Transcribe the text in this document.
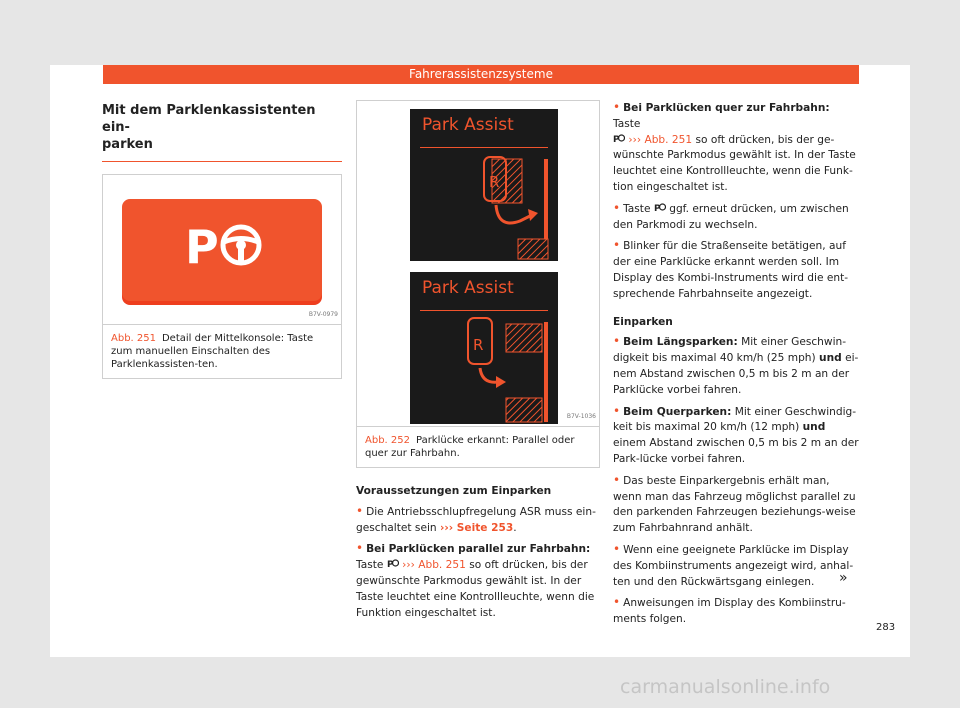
Fahrerassistenzsysteme
Mit dem Parklenkassistenten ein-
parken
P
B7V-0979
Abb. 251 Detail der Mittelkonsole: Taste zum manuellen Einschalten des Parklenkassisten-ten.
Park Assist
R
Park Assist
R
B7V-1036
Abb. 252 Parklücke erkannt: Parallel oder quer zur Fahrbahn.
Voraussetzungen zum Einparken
• Die Antriebsschlupfregelung ASR muss ein-geschaltet sein ››› Seite 253.
• Bei Parklücken parallel zur Fahrbahn:
Taste P ››› Abb. 251 so oft drücken, bis der gewünschte Parkmodus gewählt ist. In der Taste leuchtet eine Kontrollleuchte, wenn die Funktion eingeschaltet ist.
• Bei Parklücken quer zur Fahrbahn: Taste

P ››› Abb. 251 so oft drücken, bis der ge-wünschte Parkmodus gewählt ist. In der Taste leuchtet eine Kontrollleuchte, wenn die Funk-tion eingeschaltet ist.
• Taste P ggf. erneut drücken, um zwischen den Parkmodi zu wechseln.
• Blinker für die Straßenseite betätigen, auf der eine Parklücke erkannt werden soll. Im Display des Kombi-Instruments wird die ent-sprechende Fahrbahnseite angezeigt.
Einparken
• Beim Längsparken: Mit einer Geschwin-digkeit bis maximal 40 km/h (25 mph) und ei-nem Abstand zwischen 0,5 m bis 2 m an der Parklücke vorbei fahren.
• Beim Querparken: Mit einer Geschwindig-keit bis maximal 20 km/h (12 mph) und einem Abstand zwischen 0,5 m bis 2 m an der Park-lücke vorbei fahren.
• Das beste Einparkergebnis erhält man, wenn man das Fahrzeug möglichst parallel zu den parkenden Fahrzeugen beziehungs-weise zum Fahrbahnrand anhält.
• Wenn eine geeignete Parklücke im Display des Kombiinstruments angezeigt wird, anhal-ten und den Rückwärtsgang einlegen.
• Anweisungen im Display des Kombiinstru-ments folgen.
»
283
carmanualsonline.info
